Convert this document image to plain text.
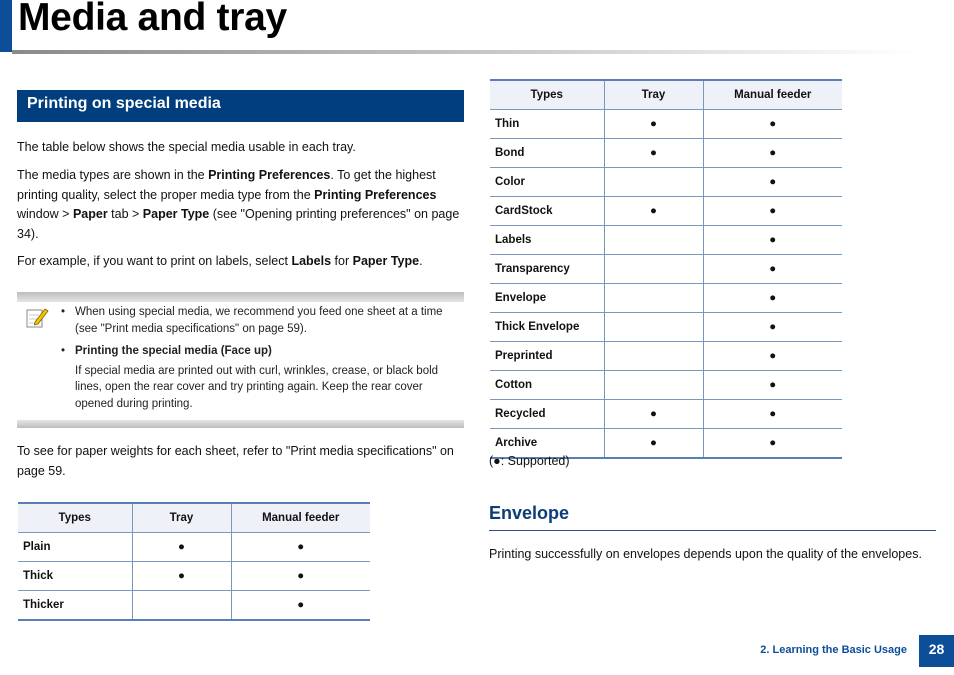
Media and tray
Printing on special media

The table below shows the special media usable in each tray.

The media types are shown in the Printing Preferences. To get the highest printing quality, select the proper media type from the Printing Preferences window > Paper tab > Paper Type (see "Opening printing preferences" on page 34).

For example, if you want to print on labels, select Labels for Paper Type.

• When using special media, we recommend you feed one sheet at a time (see "Print media specifications" on page 59).
• Printing the special media (Face up)
If special media are printed out with curl, wrinkles, crease, or black bold lines, open the rear cover and try printing again. Keep the rear cover opened during printing.

To see for paper weights for each sheet, refer to "Print media specifications" on page 59.

Types	Tray	Manual feeder
Plain	●	●
Thick	●	●
Thicker		●
Types	Tray	Manual feeder
Thin	●	●
Bond	●	●
Color		●
CardStock	●	●
Labels		●
Transparency		●
Envelope		●
Thick Envelope		●
Preprinted		●
Cotton		●
Recycled	●	●
Archive	●	●

(●: Supported)

Envelope

Printing successfully on envelopes depends upon the quality of the envelopes.

2. Learning the Basic Usage	28
